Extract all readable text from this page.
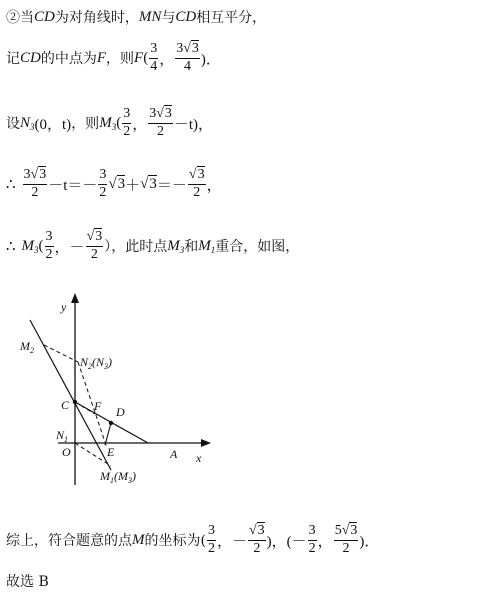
②当 CD 为对角线时， MN 与 CD 相互平分，
记 CD 的中点为 F ，则 F ( $\frac{3}{4}$ ， $\frac{3 √ 3}{4}$ )．
设 $N_3$ (0，t) ，则 $M_3$ ( $\frac{3}{2}$ ， $\frac{3 √ 3}{2} -t$)，
∴ $\frac{3 √ 3}{2} -t=- \frac{3}{2}$ √ 3 ＋ √ 3 ＝－ √ $\frac{3}{2}$ ，
∴ $M_3$ ( $\frac{3}{2}$ ，－ √ $\frac{3}{2}$ ），此时点 $M_3$ 和 $M_1$ 重合，如图，
y
x
$M_2$
$N_2(N_3)$
C F D
$N_1$
O	E	A
$M_1(M_3)$
综上，符合题意的点 M 的坐标为( $\frac{3}{2}$ ，－ √ $\frac{3}{2}$ )，(－ $\frac{3}{2}$ ， $\frac{5 √ 3}{2}$ )．
故选 B
